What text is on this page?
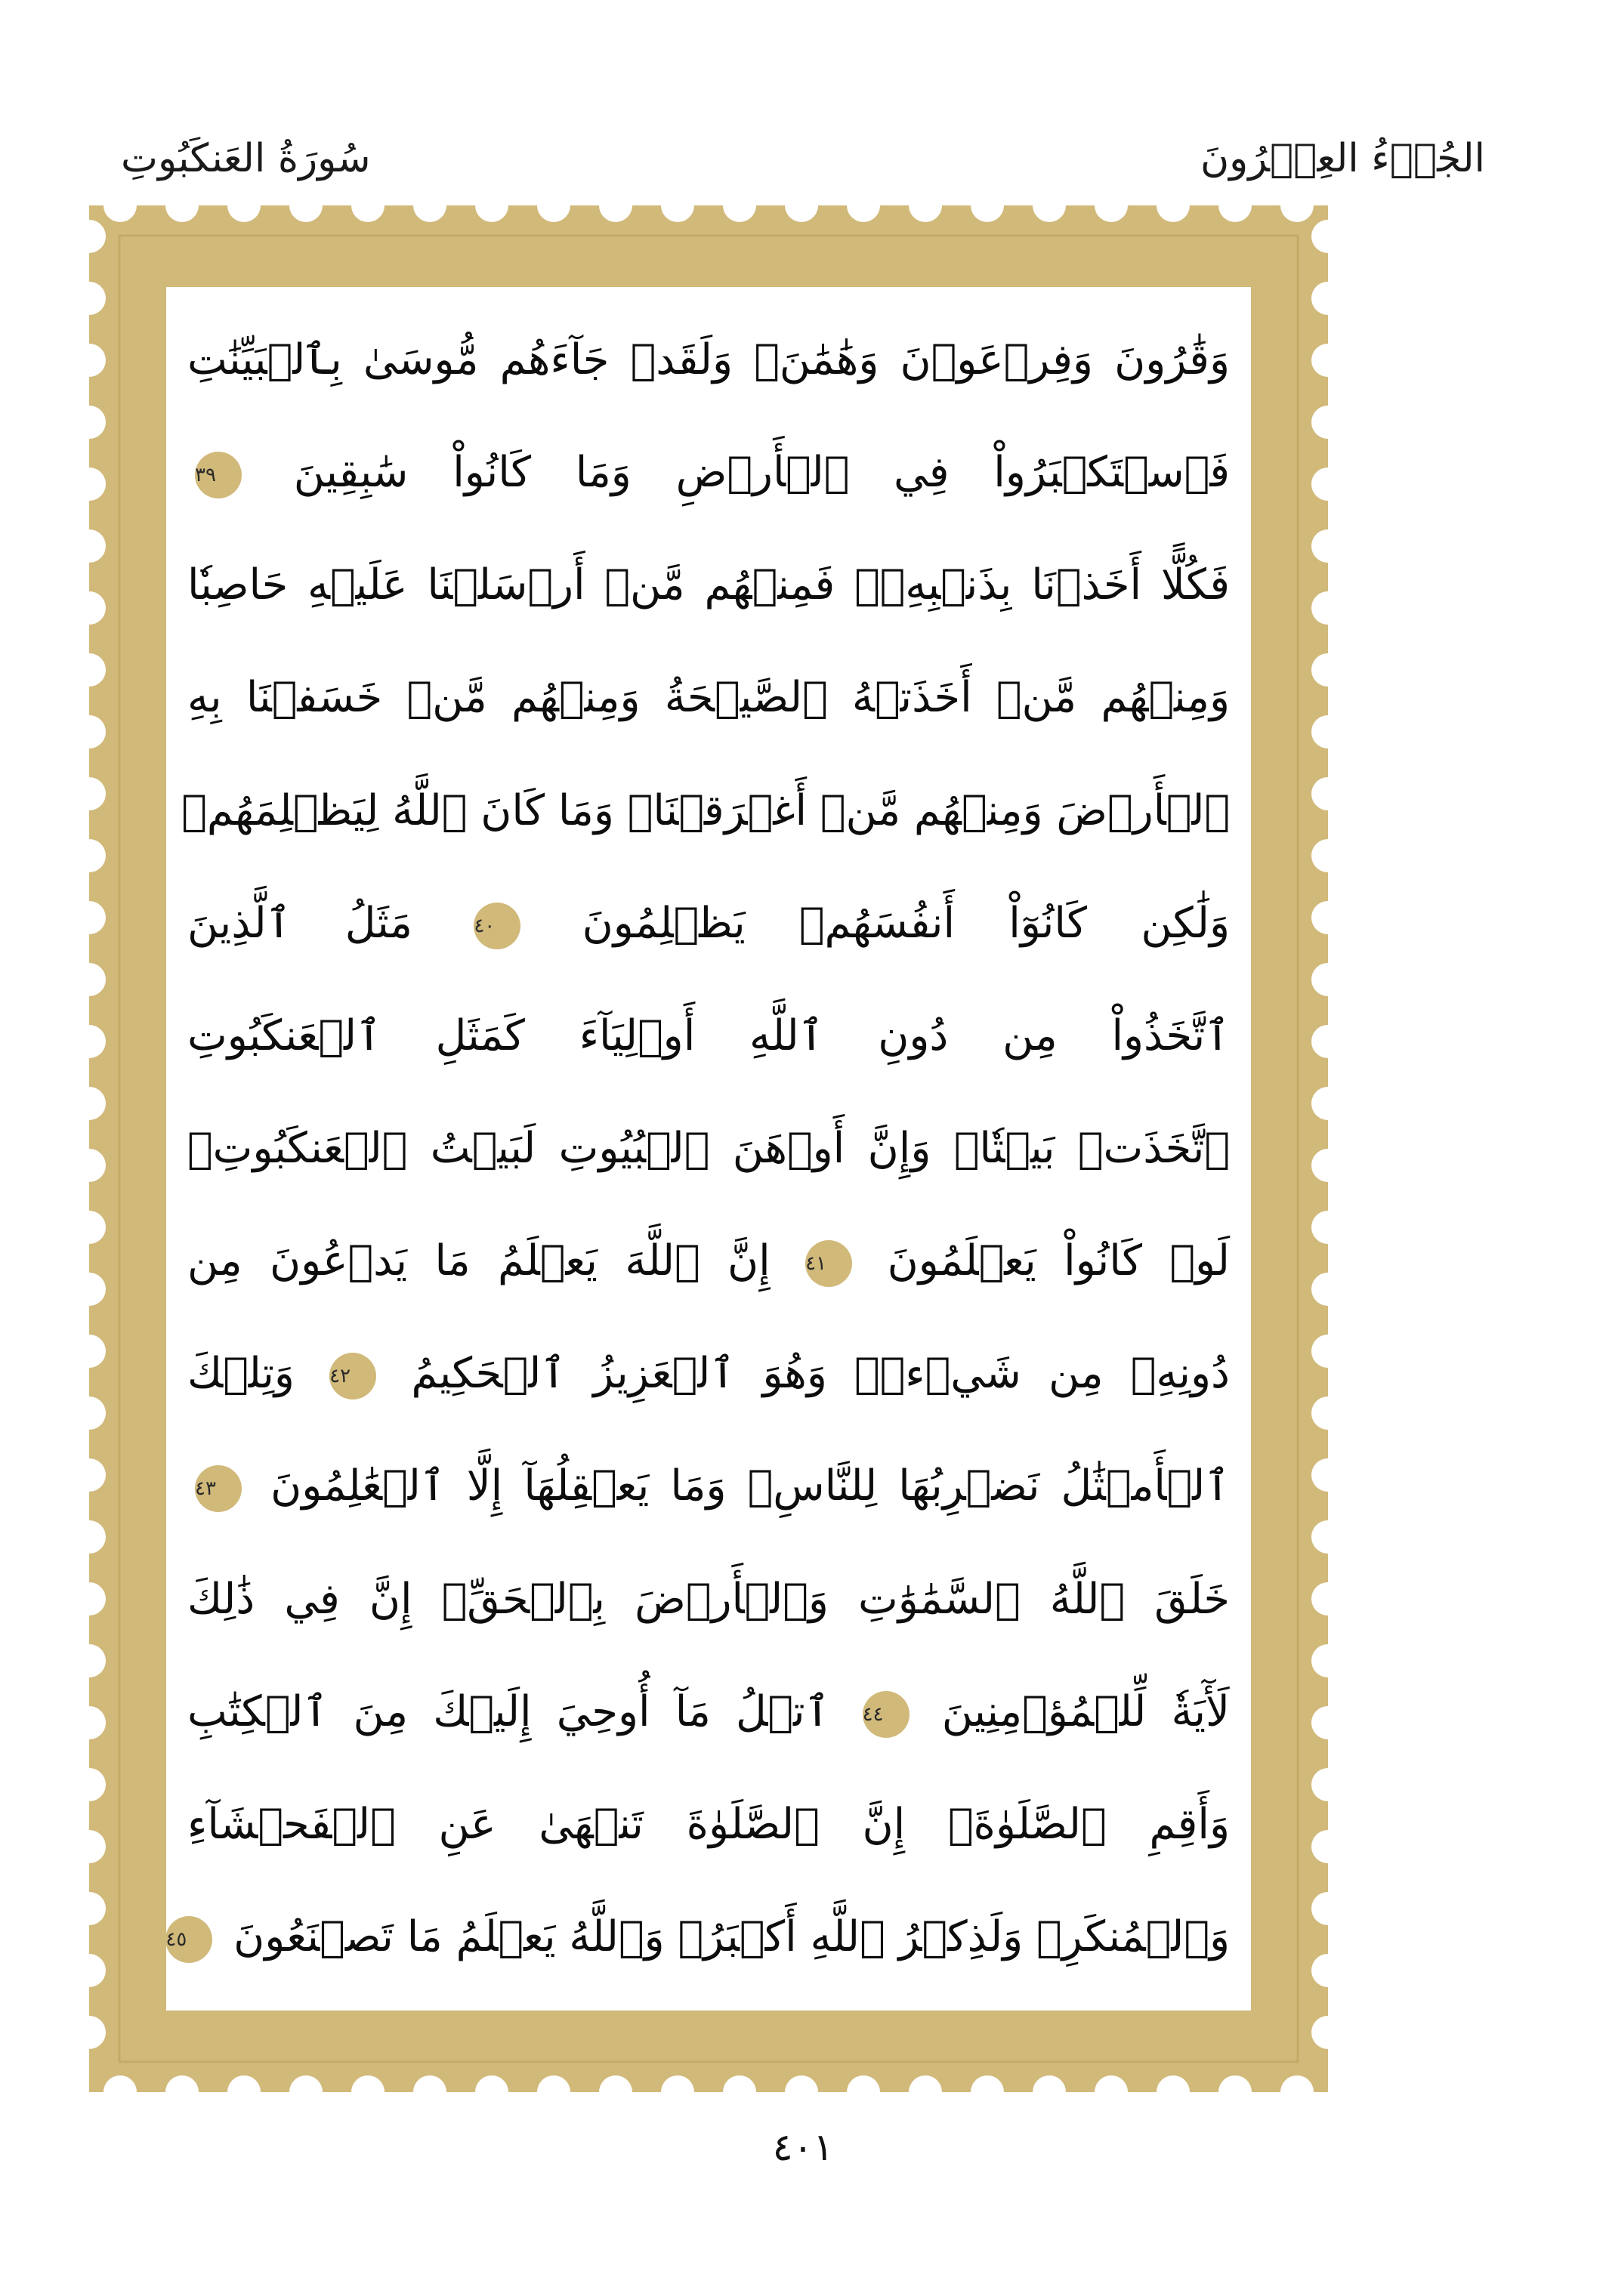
الجُزۡءُ العِشۡرُونَ
سُورَةُ العَنكَبُوتِ
وَقَٰرُونَ وَفِرۡعَوۡنَ وَهَٰمَٰنَۖ وَلَقَدۡ جَآءَهُم مُّوسَىٰ بِٱلۡبَيِّنَٰتِ
فَٱسۡتَكۡبَرُواْ فِي ٱلۡأَرۡضِ وَمَا كَانُواْ سَٰبِقِينَ ٣٩
فَكُلًّا أَخَذۡنَا بِذَنۢبِهِۦۖ فَمِنۡهُم مَّنۡ أَرۡسَلۡنَا عَلَيۡهِ حَاصِبٗا
وَمِنۡهُم مَّنۡ أَخَذَتۡهُ ٱلصَّيۡحَةُ وَمِنۡهُم مَّنۡ خَسَفۡنَا بِهِ
ٱلۡأَرۡضَ وَمِنۡهُم مَّنۡ أَغۡرَقۡنَاۚ وَمَا كَانَ ٱللَّهُ لِيَظۡلِمَهُمۡ
وَلَٰكِن كَانُوٓاْ أَنفُسَهُمۡ يَظۡلِمُونَ ٤٠ مَثَلُ ٱلَّذِينَ
ٱتَّخَذُواْ مِن دُونِ ٱللَّهِ أَوۡلِيَآءَ كَمَثَلِ ٱلۡعَنكَبُوتِ
ٱتَّخَذَتۡ بَيۡتٗاۖ وَإِنَّ أَوۡهَنَ ٱلۡبُيُوتِ لَبَيۡتُ ٱلۡعَنكَبُوتِۖ
لَوۡ كَانُواْ يَعۡلَمُونَ ٤١ إِنَّ ٱللَّهَ يَعۡلَمُ مَا يَدۡعُونَ مِن
دُونِهِۦ مِن شَيۡءٖۚ وَهُوَ ٱلۡعَزِيزُ ٱلۡحَكِيمُ ٤٢ وَتِلۡكَ
ٱلۡأَمۡثَٰلُ نَضۡرِبُهَا لِلنَّاسِۖ وَمَا يَعۡقِلُهَآ إِلَّا ٱلۡعَٰلِمُونَ ٤٣
خَلَقَ ٱللَّهُ ٱلسَّمَٰوَٰتِ وَٱلۡأَرۡضَ بِٱلۡحَقِّۚ إِنَّ فِي ذَٰلِكَ
لَأٓيَةٗ لِّلۡمُؤۡمِنِينَ ٤٤ ٱتۡلُ مَآ أُوحِيَ إِلَيۡكَ مِنَ ٱلۡكِتَٰبِ
وَأَقِمِ ٱلصَّلَوٰةَۖ إِنَّ ٱلصَّلَوٰةَ تَنۡهَىٰ عَنِ ٱلۡفَحۡشَآءِ
وَٱلۡمُنكَرِۗ وَلَذِكۡرُ ٱللَّهِ أَكۡبَرُۗ وَٱللَّهُ يَعۡلَمُ مَا تَصۡنَعُونَ ٤٥
٤٠١
